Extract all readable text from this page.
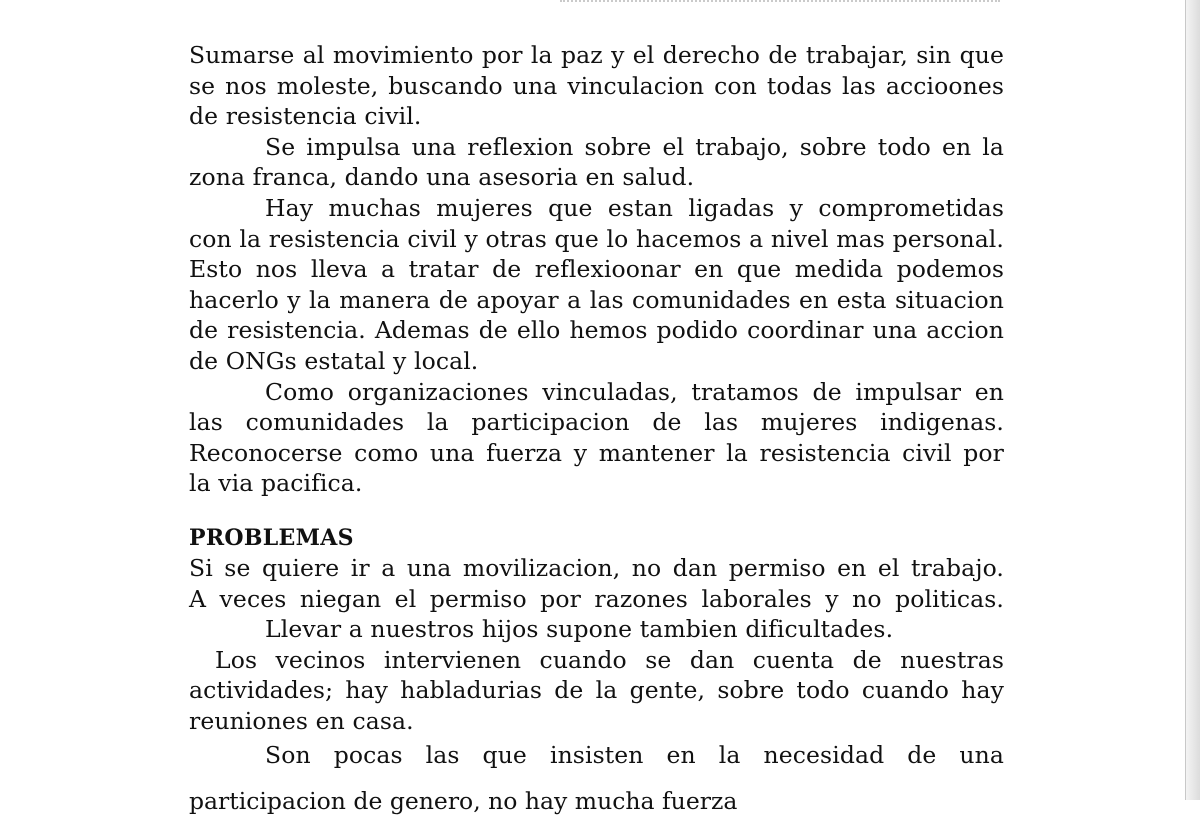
Sumarse al movimiento por la paz y el derecho de trabajar, sin que
se nos moleste, buscando una vinculacion con todas las accioones
de resistencia civil.
Se impulsa una reflexion sobre el trabajo, sobre todo en la
zona franca, dando una asesoria en salud.
Hay muchas mujeres que estan ligadas y comprometidas
con la resistencia civil y otras que lo hacemos a nivel mas personal.
Esto nos lleva a tratar de reflexioonar en que medida podemos
hacerlo y la manera de apoyar a las comunidades en esta situacion
de resistencia. Ademas de ello hemos podido coordinar una accion
de ONGs estatal y local.
Como organizaciones vinculadas, tratamos de impulsar en
las comunidades la participacion de las mujeres indigenas.
Reconocerse como una fuerza y mantener la resistencia civil por
la via pacifica.
PROBLEMAS
Si se quiere ir a una movilizacion, no dan permiso en el trabajo.
A veces niegan el permiso por razones laborales y no politicas.
Llevar a nuestros hijos supone tambien dificultades.
Los vecinos intervienen cuando se dan cuenta de nuestras
actividades; hay habladurias de la gente, sobre todo cuando hay
reuniones en casa.
Son pocas las que insisten en la necesidad de una
participacion de genero, no hay mucha fuerza
